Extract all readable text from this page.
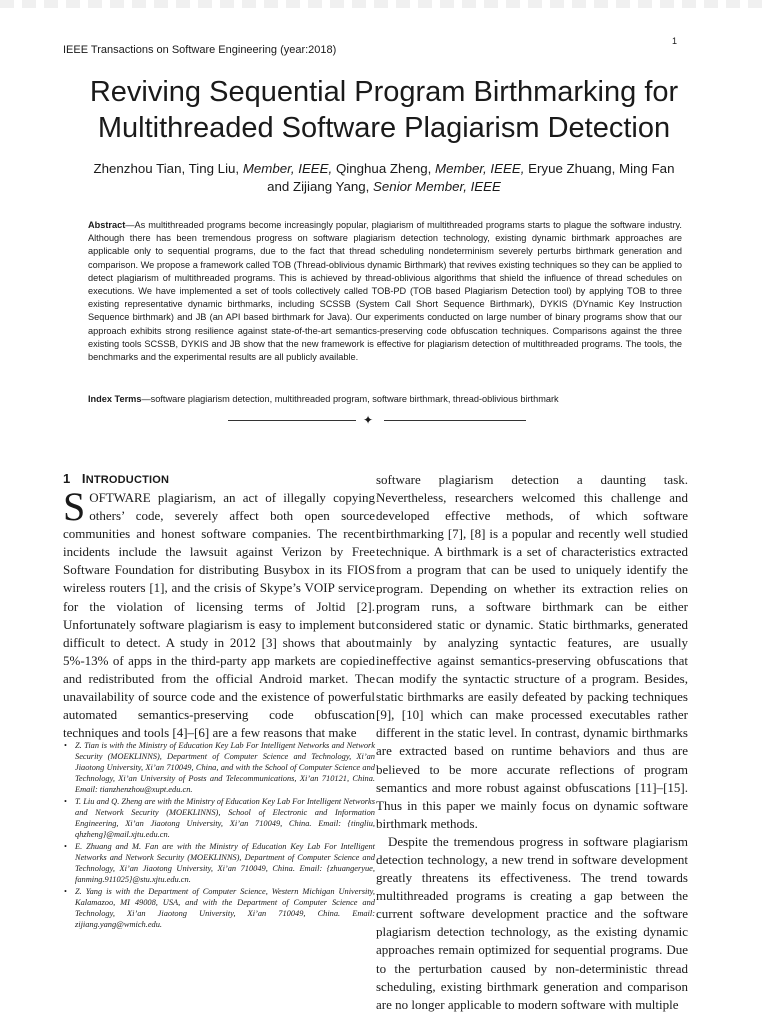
IEEE Transactions on Software Engineering (year:2018)
1
Reviving Sequential Program Birthmarking for
Multithreaded Software Plagiarism Detection
Zhenzhou Tian, Ting Liu, Member, IEEE, Qinghua Zheng, Member, IEEE, Eryue Zhuang, Ming Fan
and Zijiang Yang, Senior Member, IEEE
Abstract—As multithreaded programs become increasingly popular, plagiarism of multithreaded programs starts to plague the software industry. Although there has been tremendous progress on software plagiarism detection technology, existing dynamic birthmark approaches are applicable only to sequential programs, due to the fact that thread scheduling nondeterminism severely perturbs birthmark generation and comparison. We propose a framework called TOB (Thread-oblivious dynamic Birthmark) that revives existing techniques so they can be applied to detect plagiarism of multithreaded programs. This is achieved by thread-oblivious algorithms that shield the influence of thread schedules on executions. We have implemented a set of tools collectively called TOB-PD (TOB based Plagiarism Detection tool) by applying TOB to three existing representative dynamic birthmarks, including SCSSB (System Call Short Sequence Birthmark), DYKIS (DYnamic Key Instruction Sequence birthmark) and JB (an API based birthmark for Java). Our experiments conducted on large number of binary programs show that our approach exhibits strong resilience against state-of-the-art semantics-preserving code obfuscation techniques. Comparisons against the three existing tools SCSSB, DYKIS and JB show that the new framework is effective for plagiarism detection of multithreaded programs. The tools, the benchmarks and the experimental results are all publicly available.
Index Terms—software plagiarism detection, multithreaded program, software birthmark, thread-oblivious birthmark
✦
1 INTRODUCTION
SOFTWARE plagiarism, an act of illegally copying others’ code, severely affect both open source communities and honest software companies. The recent incidents include the lawsuit against Verizon by Free Software Foundation for distributing Busybox in its FIOS wireless routers [1], and the crisis of Skype’s VOIP service for the violation of licensing terms of Joltid [2]. Unfortunately software plagiarism is easy to implement but difficult to detect. A study in 2012 [3] shows that about 5%-13% of apps in the third-party app markets are copied and redistributed from the official Android market. The unavailability of source code and the existence of powerful automated semantics-preserving code obfuscation techniques and tools [4]–[6] are a few reasons that make
software plagiarism detection a daunting task. Nevertheless, researchers welcomed this challenge and developed effective methods, of which software birthmarking [7], [8] is a popular and recently well studied technique. A birthmark is a set of characteristics extracted from a program that can be used to uniquely identify the program. Depending on whether its extraction relies on program runs, a software birthmark can be either considered static or dynamic. Static birthmarks, generated mainly by analyzing syntactic features, are usually ineffective against semantics-preserving obfuscations that can modify the syntactic structure of a program. Besides, static birthmarks are easily defeated by packing techniques [9], [10] which can make processed executables rather different in the static level. In contrast, dynamic birthmarks are extracted based on runtime behaviors and thus are believed to be more accurate reflections of program semantics and more robust against obfuscations [11]–[15]. Thus in this paper we mainly focus on dynamic software birthmark methods.
Despite the tremendous progress in software plagiarism detection technology, a new trend in software development greatly threatens its effectiveness. The trend towards multithreaded programs is creating a gap between the current software development practice and the software plagiarism detection technology, as the existing dynamic approaches remain optimized for sequential programs. Due to the perturbation caused by non-deterministic thread scheduling, existing birthmark generation and comparison are no longer applicable to modern software with multiple
• Z. Tian is with the Ministry of Education Key Lab For Intelligent Networks and Network Security (MOEKLINNS), Department of Computer Science and Technology, Xi’an Jiaotong University, Xi’an 710049, China, and with the School of Computer Science and Technology, Xi’an University of Posts and Telecommunications, Xi’an 710121, China. Email: tianzhenzhou@xupt.edu.cn.
• T. Liu and Q. Zheng are with the Ministry of Education Key Lab For Intelligent Networks and Network Security (MOEKLINNS), School of Electronic and Information Engineering, Xi’an Jiaotong University, Xi’an 710049, China. Email: {tingliu, qhzheng}@mail.xjtu.edu.cn.
• E. Zhuang and M. Fan are with the Ministry of Education Key Lab For Intelligent Networks and Network Security (MOEKLINNS), Department of Computer Science and Technology, Xi’an Jiaotong University, Xi’an 710049, China. Email: {zhuangeryue, fanming.911025}@stu.xjtu.edu.cn.
• Z. Yang is with the Department of Computer Science, Western Michigan University, Kalamazoo, MI 49008, USA, and with the Department of Computer Science and Technology, Xi’an Jiaotong University, Xi’an 710049, China. Email: zijiang.yang@wmich.edu.
